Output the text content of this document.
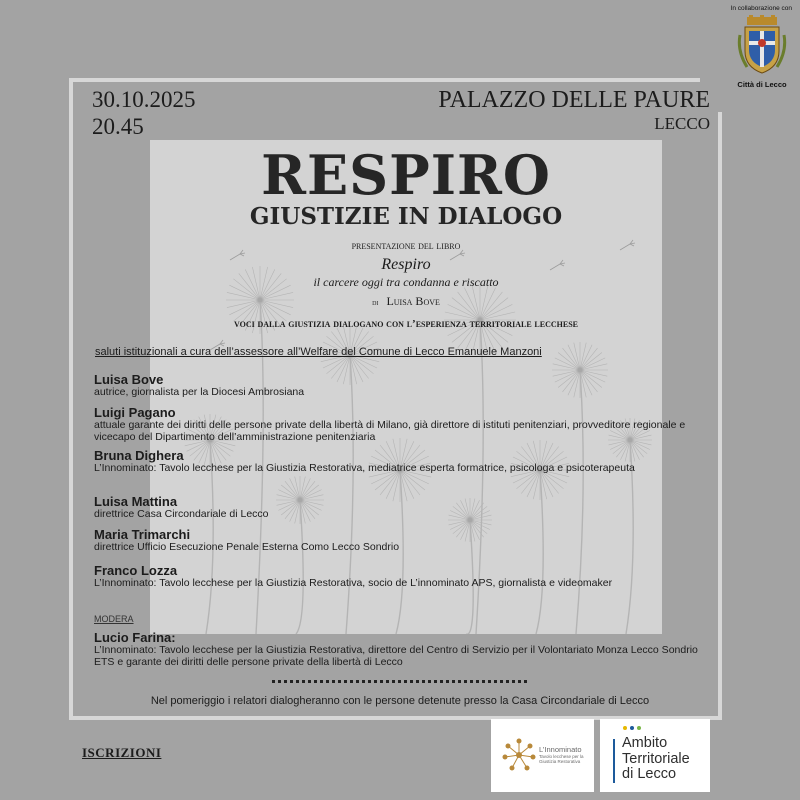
In collaborazione con
Città di Lecco
30.10.2025
20.45
PALAZZO DELLE PAURE
LECCO
RESPIRO
GIUSTIZIE IN DIALOGO
presentazione del libro
Respiro
il carcere oggi tra condanna e riscatto
di Luisa Bove
voci dalla giustizia dialogano con l’esperienza territoriale lecchese
saluti istituzionali a cura dell’assessore all’Welfare del Comune di Lecco Emanuele Manzoni
Luisa Bove
autrice, giornalista per la Diocesi Ambrosiana
Luigi Pagano
attuale garante dei diritti delle persone private della libertà di Milano, già direttore di istituti penitenziari, provveditore regionale e vicecapo del Dipartimento dell’amministrazione penitenziaria
Bruna Dighera
L’Innominato: Tavolo lecchese per la Giustizia Restorativa, mediatrice esperta formatrice, psicologa e psicoterapeuta
Luisa Mattina
direttrice Casa Circondariale di Lecco
Maria Trimarchi
direttrice Ufficio Esecuzione Penale Esterna Como Lecco Sondrio
Franco Lozza
L’Innominato: Tavolo lecchese per la Giustizia Restorativa, socio de L’innominato APS, giornalista e videomaker
MODERA
Lucio Farina:
L’Innominato: Tavolo lecchese per la Giustizia Restorativa, direttore del Centro di Servizio per il Volontariato Monza Lecco Sondrio ETS e garante dei diritti delle persone private della libertà di Lecco
Nel pomeriggio i relatori dialogheranno con le persone detenute presso la Casa Circondariale di Lecco
ISCRIZIONI	L’Innominato
Tavolo lecchese per la Giustizia Restorativa
Ambito
Territoriale
di Lecco
